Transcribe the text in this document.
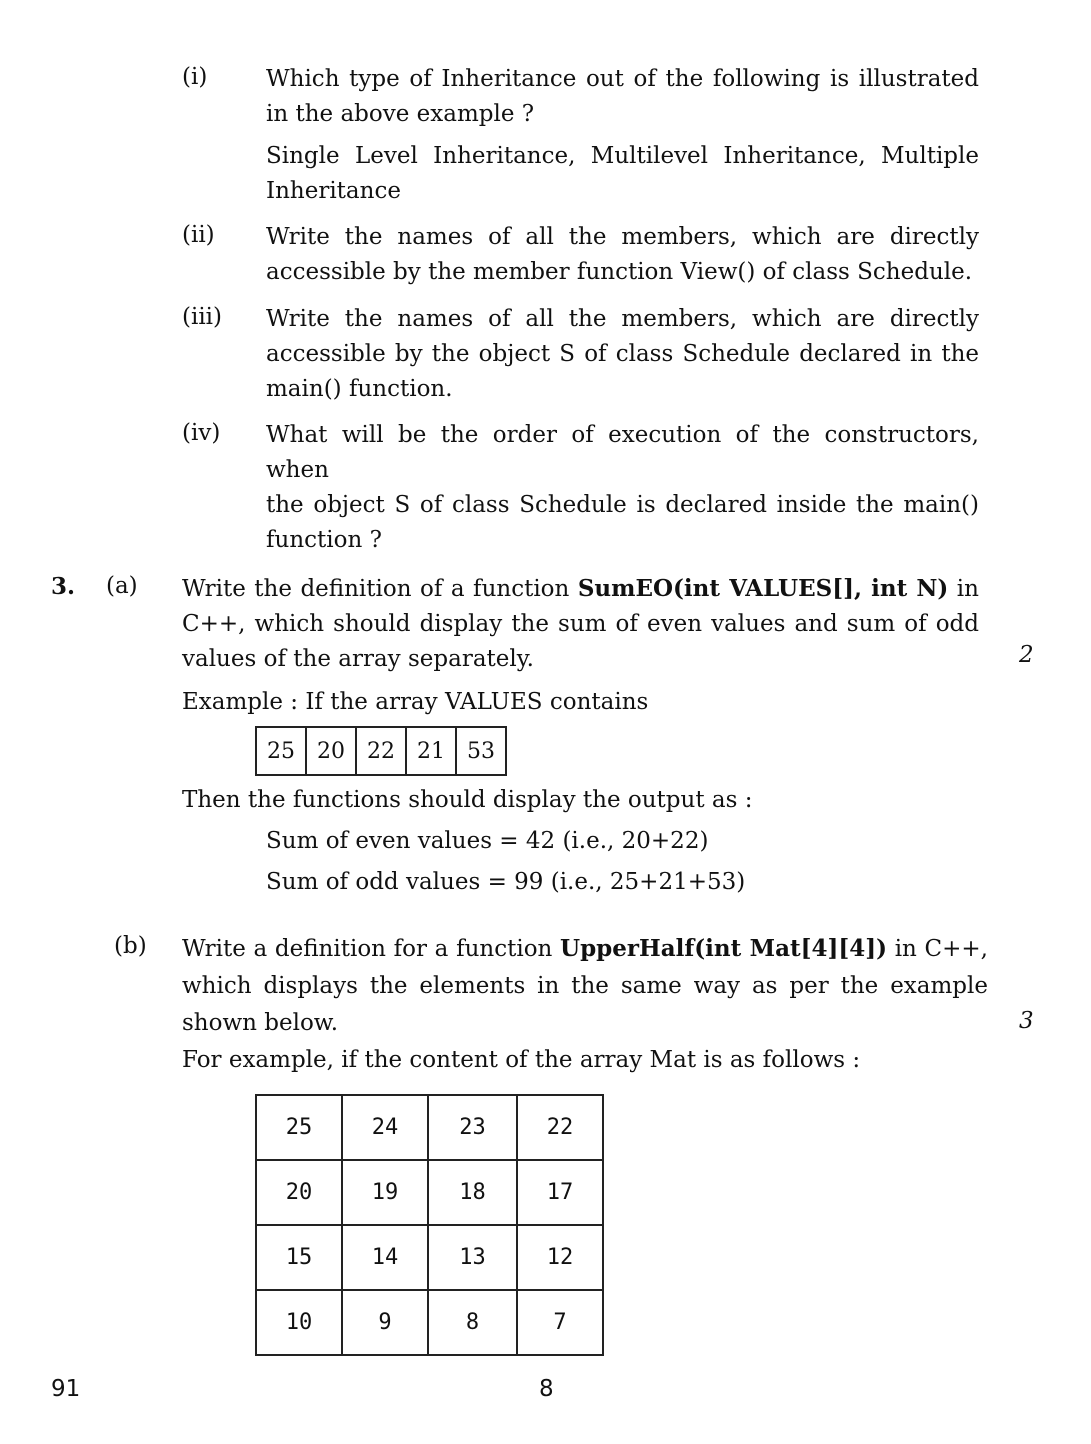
(i)	Which type of Inheritance out of the following is illustrated
in the above example ?
Single Level Inheritance, Multilevel Inheritance, Multiple
Inheritance
(ii) Write the names of all the members, which are directly
accessible by the member function View() of class Schedule.
(iii) Write the names of all the members, which are directly
accessible by the object S of class Schedule declared in the
main() function.
(iv) What will be the order of execution of the constructors, when
the object S of class Schedule is declared inside the main()
function ?
3. (a) Write the definition of a function SumEO(int VALUES[], int N) in
C++, which should display the sum of even values and sum of odd
values of the array separately.	2
Example : If the array VALUES contains
25	20	22	21	53
Then the functions should display the output as :
Sum of even values = 42 (i.e., 20+22)
Sum of odd values = 99 (i.e., 25+21+53)
(b) Write a definition for a function UpperHalf(int Mat[4][4]) in C++,
which displays the elements in the same way as per the example
shown below.	3
For example, if the content of the array Mat is as follows :
25	24	23	22
20	19	18	17
15	14	13	12
10	9	8	7
91	8
